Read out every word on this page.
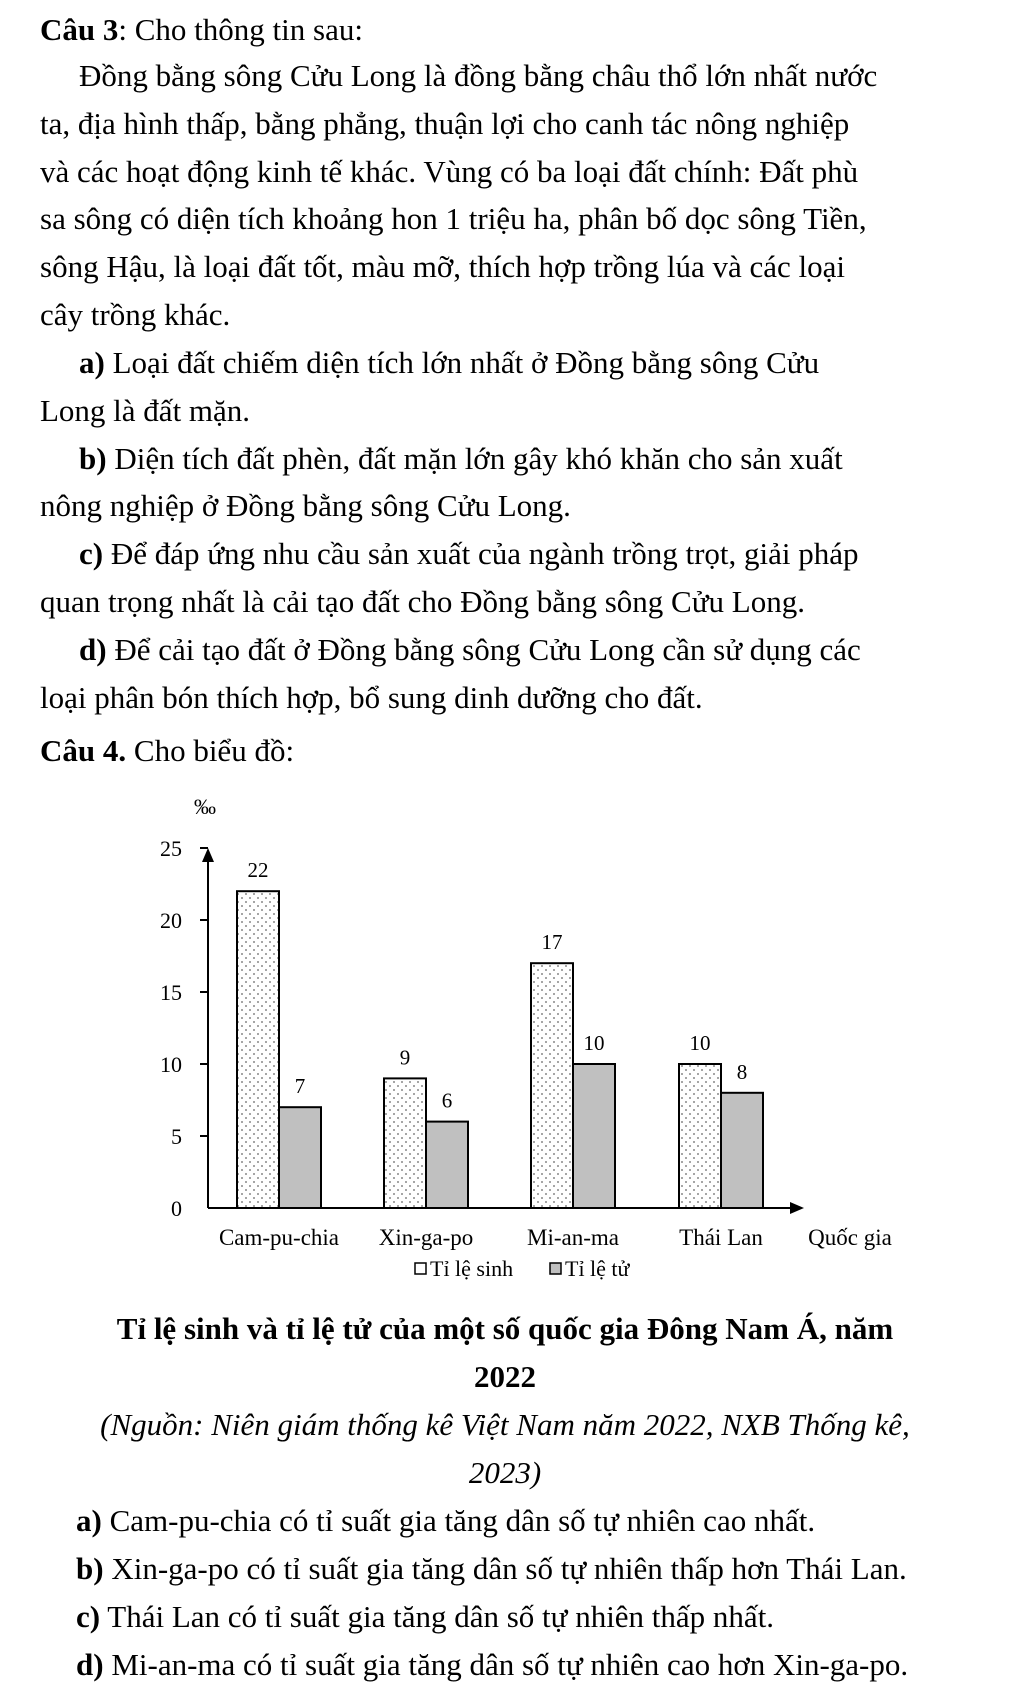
Câu 3: Cho thông tin sau:
Đồng bằng sông Cửu Long là đồng bằng châu thổ lớn nhất nước
ta, địa hình thấp, bằng phẳng, thuận lợi cho canh tác nông nghiệp
và các hoạt động kinh tế khác. Vùng có ba loại đất chính: Đất phù
sa sông có diện tích khoảng hon 1 triệu ha, phân bố dọc sông Tiền,
sông Hậu, là loại đất tốt, màu mỡ, thích hợp trồng lúa và các loại
cây trồng khác.
a) Loại đất chiếm diện tích lớn nhất ở Đồng bằng sông Cửu
Long là đất mặn.
b) Diện tích đất phèn, đất mặn lớn gây khó khăn cho sản xuất
nông nghiệp ở Đồng bằng sông Cửu Long.
c) Để đáp ứng nhu cầu sản xuất của ngành trồng trọt, giải pháp
quan trọng nhất là cải tạo đất cho Đồng bằng sông Cửu Long.
d) Để cải tạo đất ở Đồng bằng sông Cửu Long cần sử dụng các
loại phân bón thích hợp, bổ sung dinh dưỡng cho đất.
Câu 4. Cho biểu đồ:
‰
0
5
10
15
20
25
22
7
Cam-pu-chia
9
6
Xin-ga-po
17
10
Mi-an-ma
10
8
Thái Lan Quốc gia
Tỉ lệ sinh Tỉ lệ tử
Tỉ lệ sinh và tỉ lệ tử của một số quốc gia Đông Nam Á, năm
2022
(Nguồn: Niên giám thống kê Việt Nam năm 2022, NXB Thống kê,
2023)
a) Cam-pu-chia có tỉ suất gia tăng dân số tự nhiên cao nhất.
b) Xin-ga-po có tỉ suất gia tăng dân số tự nhiên thấp hơn Thái Lan.
c) Thái Lan có tỉ suất gia tăng dân số tự nhiên thấp nhất.
d) Mi-an-ma có tỉ suất gia tăng dân số tự nhiên cao hơn Xin-ga-po.
